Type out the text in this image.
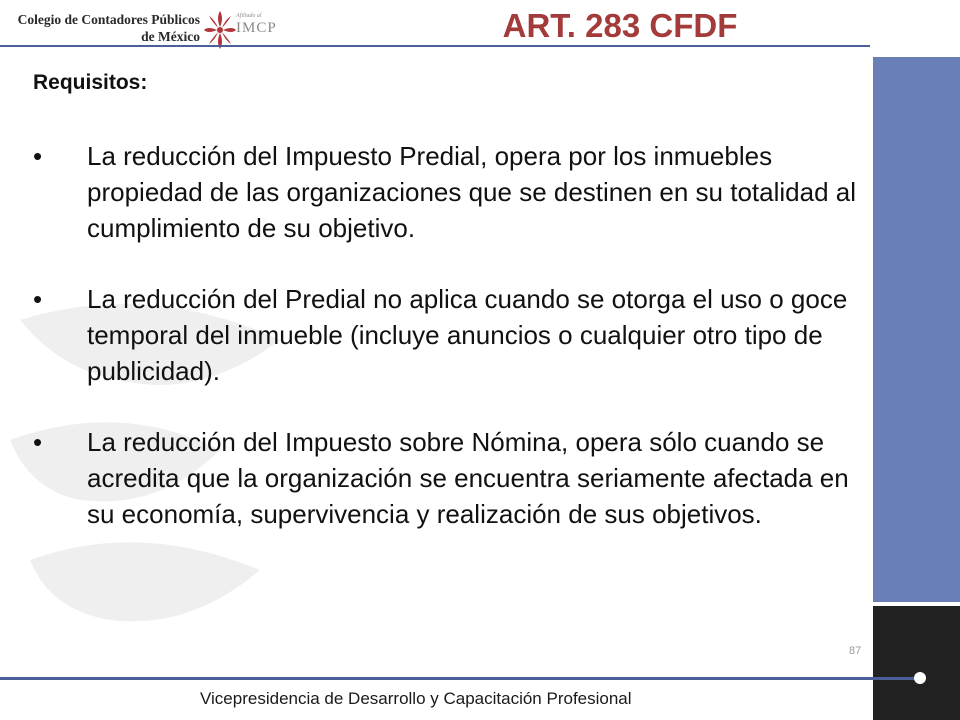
Colegio de Contadores Públicos
de México
Afiliado al
IMCP	ART. 283 CFDF
Requisitos:
• La reducción del Impuesto Predial, opera por los inmuebles propiedad de las organizaciones que se destinen en su totalidad al cumplimiento de su objetivo.
• La reducción del Predial no aplica cuando se otorga el uso o goce temporal del inmueble (incluye anuncios o cualquier otro tipo de publicidad).
• La reducción del Impuesto sobre Nómina, opera sólo cuando se acredita que la organización se encuentra seriamente afectada en su economía, supervivencia y realización de sus objetivos.
87
Vicepresidencia de Desarrollo y Capacitación Profesional
